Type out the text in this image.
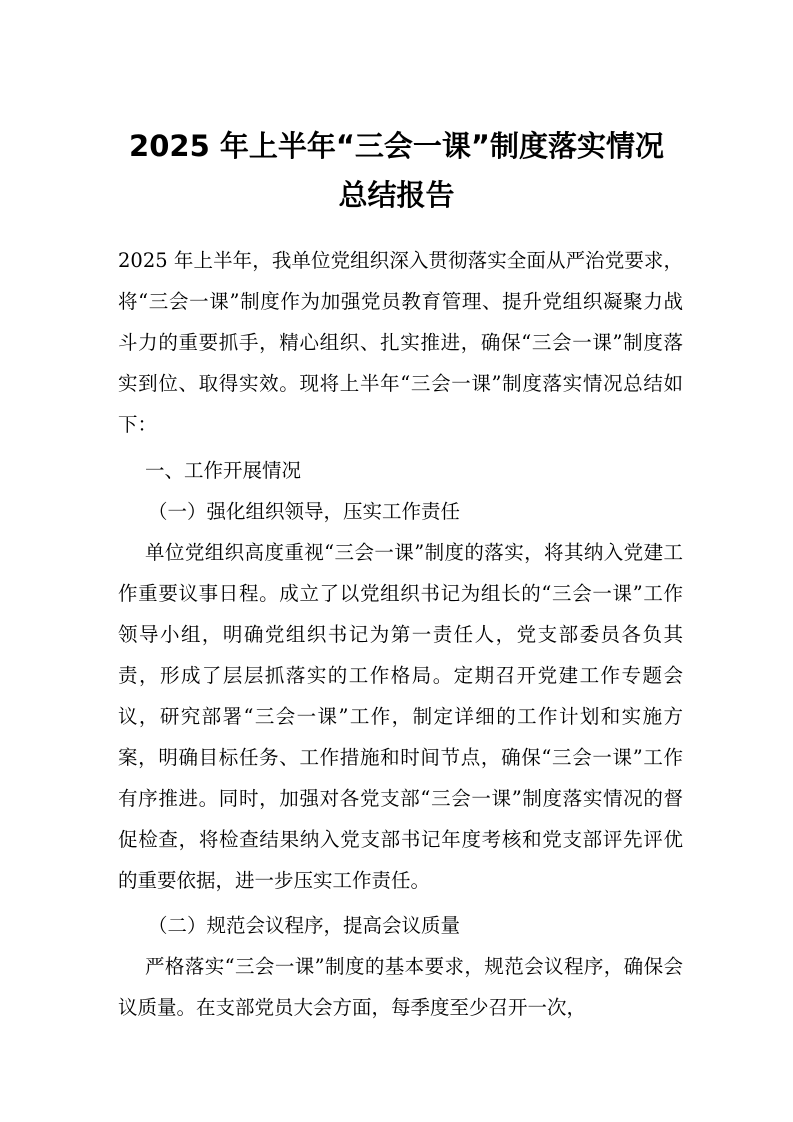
2025 年上半年“三会一课”制度落实情况
总结报告

2025 年上半年，我单位党组织深入贯彻落实全面从严治党要求，将“三会一课”制度作为加强党员教育管理、提升党组织凝聚力战斗力的重要抓手，精心组织、扎实推进，确保“三会一课”制度落实到位、取得实效。现将上半年“三会一课”制度落实情况总结如下：

一、工作开展情况

（一）强化组织领导，压实工作责任

单位党组织高度重视“三会一课”制度的落实，将其纳入党建工作重要议事日程。成立了以党组织书记为组长的“三会一课”工作领导小组，明确党组织书记为第一责任人，党支部委员各负其责，形成了层层抓落实的工作格局。定期召开党建工作专题会议，研究部署“三会一课”工作，制定详细的工作计划和实施方案，明确目标任务、工作措施和时间节点，确保“三会一课”工作有序推进。同时，加强对各党支部“三会一课”制度落实情况的督促检查，将检查结果纳入党支部书记年度考核和党支部评先评优的重要依据，进一步压实工作责任。

（二）规范会议程序，提高会议质量

严格落实“三会一课”制度的基本要求，规范会议程序，确保会议质量。在支部党员大会方面，每季度至少召开一次，
